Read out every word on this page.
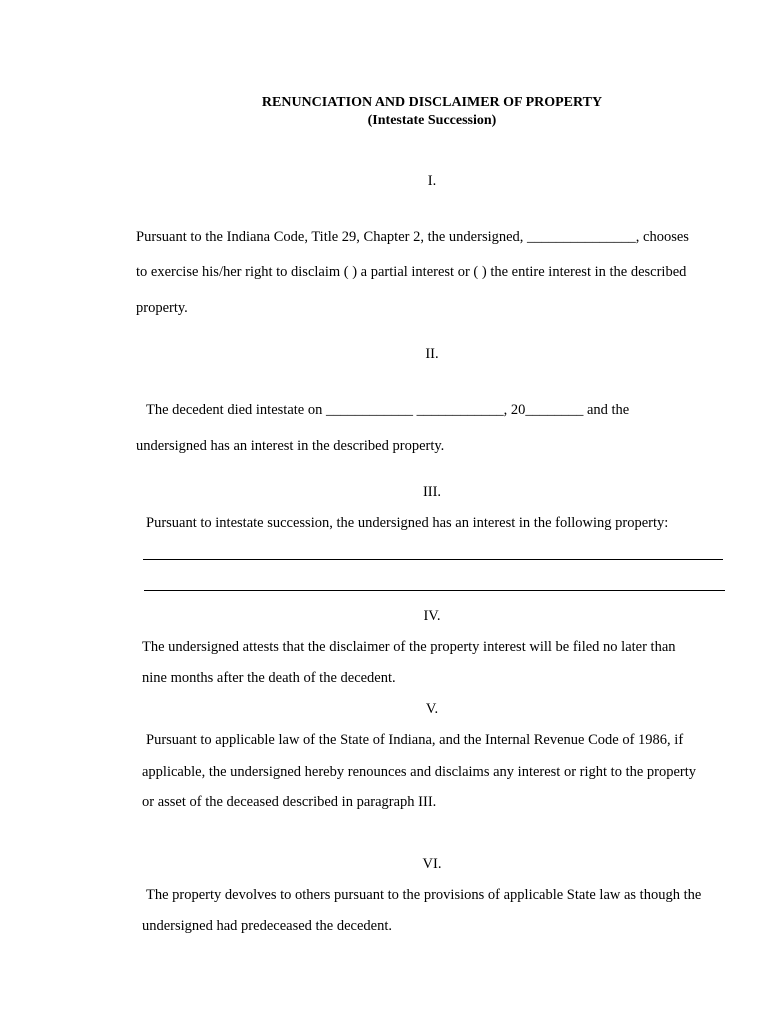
RENUNCIATION AND DISCLAIMER OF PROPERTY
(Intestate Succession)
I.
Pursuant to the Indiana Code, Title 29, Chapter 2, the undersigned, _______________, chooses
to exercise his/her right to disclaim ( ) a partial interest or ( ) the entire interest in the described
property.
II.
The decedent died intestate on ____________ ____________, 20________ and the
undersigned has an interest in the described property.
III.
Pursuant to intestate succession, the undersigned has an interest in the following property:
IV.
The undersigned attests that the disclaimer of the property interest will be filed no later than
nine months after the death of the decedent.
V.
Pursuant to applicable law of the State of Indiana, and the Internal Revenue Code of 1986, if
applicable, the undersigned hereby renounces and disclaims any interest or right to the property
or asset of the deceased described in paragraph III.
VI.
The property devolves to others pursuant to the provisions of applicable State law as though the
undersigned had predeceased the decedent.
